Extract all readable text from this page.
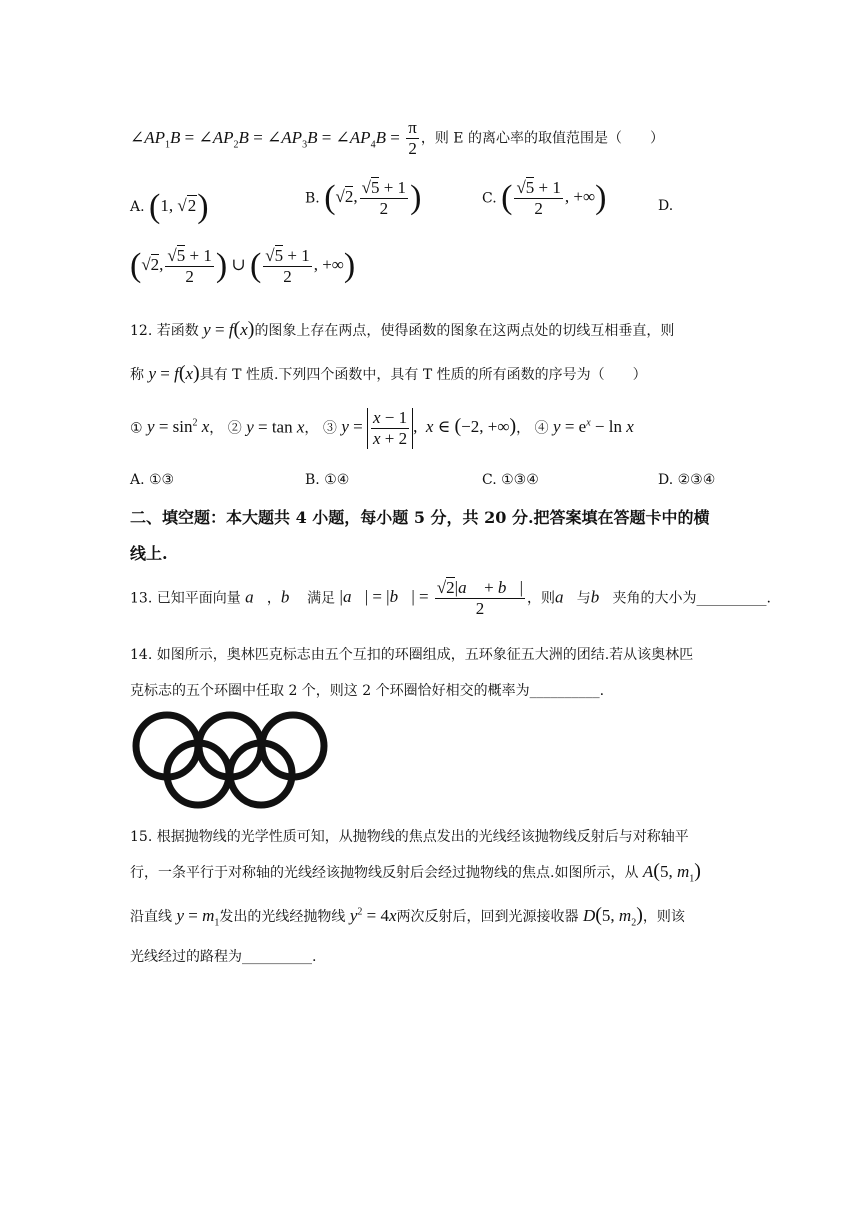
$\angle AP_1B$ = $\angle AP_2B$ = $\angle AP_3B$ = $\angle AP_4B = \frac{\pi}{2}$ ，则 E 的离心率的取值范围是（　　）
A. (1, √2)	B. (√2, $\frac{√5 + 1}{2}$ )	C. ( $\frac{√5 + 1}{2}$ , +∞)	D.
(√2, $\frac{√5 + 1}{2}$ ) ∪ ( $\frac{√5 + 1}{2}$ , +∞)
12. 若函数 y = f(x)的图象上存在两点，使得函数的图象在这两点处的切线互相垂直，则
称 y = f(x)具有 T 性质.下列四个函数中，具有 T 性质的所有函数的序号为（　　）
① $y = \sin^2 x$， ② y = tan x， ③ $y = \frac{x - 1}{x + 2}$ ,  x ∈ (−2, +∞)， ④ $y = e^x - \ln x$
A. ①③	B. ①④	C. ①③④	D. ②③④
二、填空题：本大题共 4 小题，每小题 5 分，共 20 分.把答案填在答题卡中的横
线上.
13. 已知平面向量 a⃗，b⃗ 满足 |a⃗| = |b⃗| = $\frac{√2|a⃗ + b⃗|}{2}$ ，则a⃗与b⃗夹角的大小为__________.
14. 如图所示，奥林匹克标志由五个互扣的环圈组成，五环象征五大洲的团结.若从该奥林匹
克标志的五个环圈中任取 2 个，则这 2 个环圈恰好相交的概率为__________.
15. 根据抛物线的光学性质可知，从抛物线的焦点发出的光线经该抛物线反射后与对称轴平
行，一条平行于对称轴的光线经该抛物线反射后会经过抛物线的焦点.如图所示，从 A(5, $m_1$)
沿直线 $y = m_1$发出的光线经抛物线 $y^2 = 4x$两次反射后，回到光源接收器 D(5, $m_2$)，则该
光线经过的路程为__________.
